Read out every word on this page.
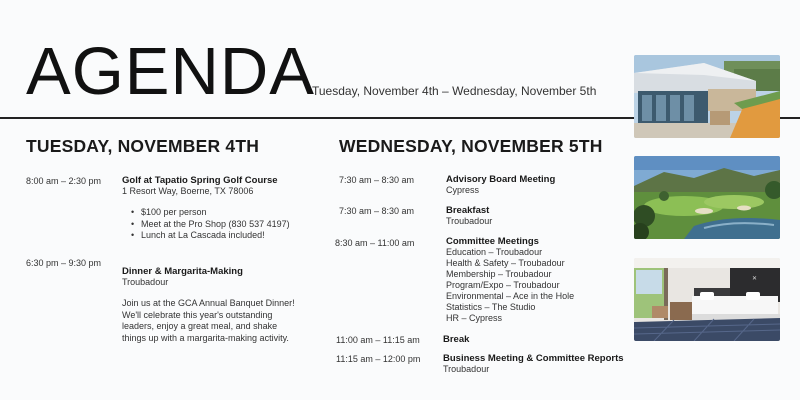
AGENDA
Tuesday, November 4th – Wednesday, November 5th
TUESDAY, NOVEMBER 4TH
8:00 am – 2:30 pm Golf at Tapatio Spring Golf Course
1 Resort Way, Boerne, TX 78006
• $100 per person
• Meet at the Pro Shop (830 537 4197)
• Lunch at La Cascada included!
6:30 pm – 9:30 pm
Dinner & Margarita-Making
Troubadour
Join us at the GCA Annual Banquet Dinner! We'll celebrate this year's outstanding leaders, enjoy a great meal, and shake things up with a margarita-making activity.
WEDNESDAY, NOVEMBER 5TH
7:30 am – 8:30 am	Advisory Board Meeting
Cypress
7:30 am – 8:30 am	Breakfast
Troubadour
8:30 am – 11:00 am	Committee Meetings
Education – Troubadour
Health & Safety – Troubadour
Membership – Troubadour
Program/Expo – Troubadour
Environmental – Ace in the Hole
Statistics – The Studio
HR – Cypress
11:00 am – 11:15 am Break
11:15 am – 12:00 pm Business Meeting & Committee Reports
Troubadour
✕
